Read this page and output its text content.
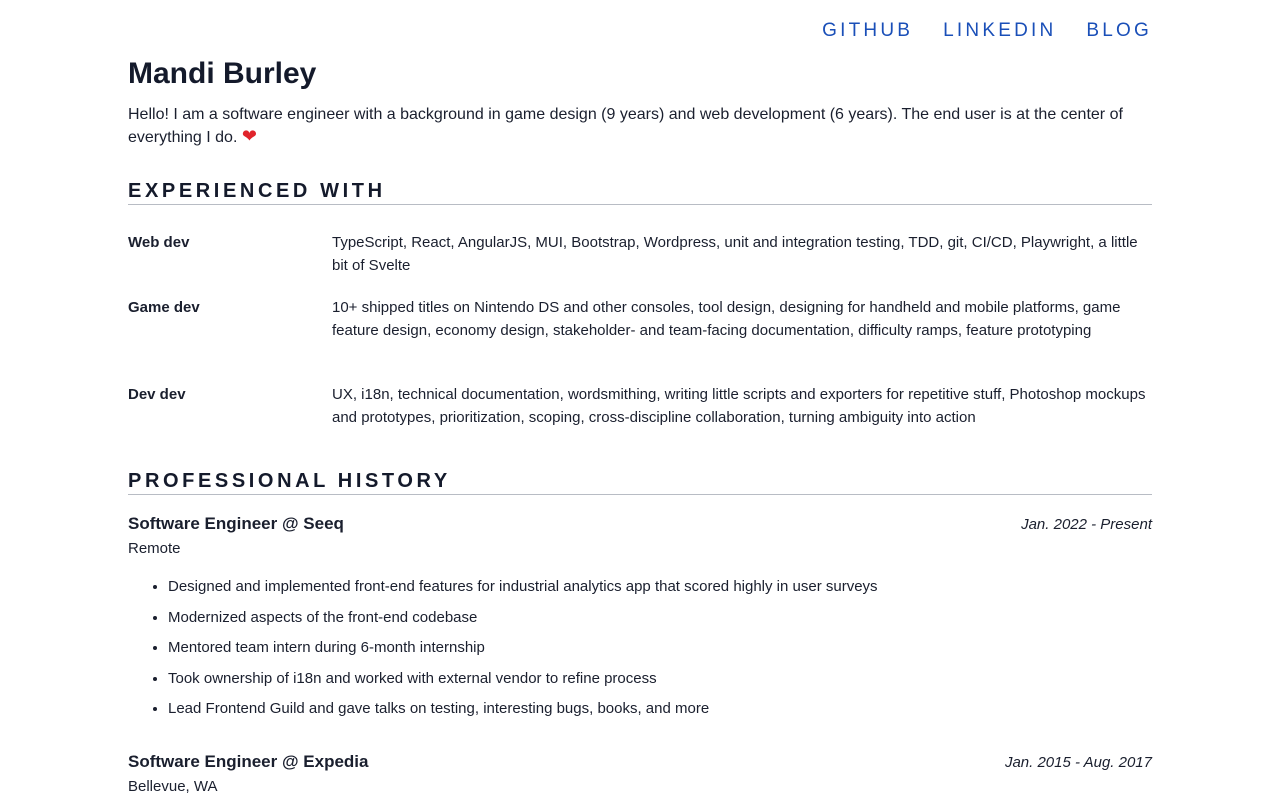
GITHUB LINKEDIN BLOG
Mandi Burley

Hello! I am a software engineer with a background in game design (9 years) and web development (6 years). The end user is at the center of everything I do. ❤

EXPERIENCED WITH
Web dev	TypeScript, React, AngularJS, MUI, Bootstrap, Wordpress, unit and integration testing, TDD, git, CI/CD, Playwright, a little bit of Svelte
Game dev	10+ shipped titles on Nintendo DS and other consoles, tool design, designing for handheld and mobile platforms, game feature design, economy design, stakeholder- and team-facing documentation, difficulty ramps, feature prototyping
Dev dev	UX, i18n, technical documentation, wordsmithing, writing little scripts and exporters for repetitive stuff, Photoshop mockups and prototypes, prioritization, scoping, cross-discipline collaboration, turning ambiguity into action
PROFESSIONAL HISTORY
Software Engineer @ Seeq	Jan. 2022 - Present
Remote
• Designed and implemented front-end features for industrial analytics app that scored highly in user surveys
• Modernized aspects of the front-end codebase
• Mentored team intern during 6-month internship
• Took ownership of i18n and worked with external vendor to refine process
• Lead Frontend Guild and gave talks on testing, interesting bugs, books, and more
Software Engineer @ Expedia	Jan. 2015 - Aug. 2017
Bellevue, WA
